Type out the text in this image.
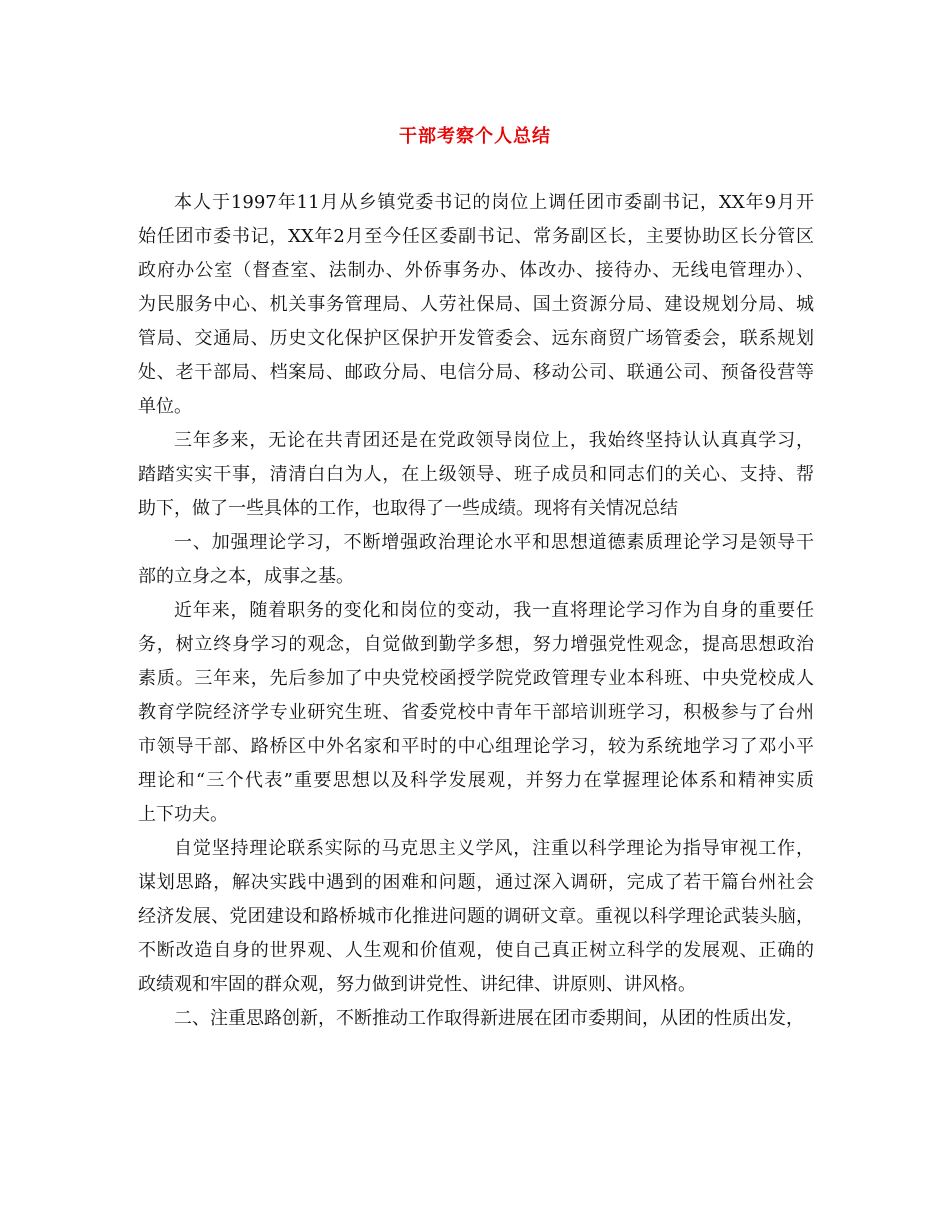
干部考察个人总结
本人于1997年11月从乡镇党委书记的岗位上调任团市委副书记，XX年9月开
始任团市委书记，XX年2月至今任区委副书记、常务副区长，主要协助区长分管区
政府办公室（督查室、法制办、外侨事务办、体改办、接待办、无线电管理办）、
为民服务中心、机关事务管理局、人劳社保局、国土资源分局、建设规划分局、城
管局、交通局、历史文化保护区保护开发管委会、远东商贸广场管委会，联系规划
处、老干部局、档案局、邮政分局、电信分局、移动公司、联通公司、预备役营等
单位。
三年多来，无论在共青团还是在党政领导岗位上，我始终坚持认认真真学习，
踏踏实实干事，清清白白为人，在上级领导、班子成员和同志们的关心、支持、帮
助下，做了一些具体的工作，也取得了一些成绩。现将有关情况总结
一、加强理论学习，不断增强政治理论水平和思想道德素质理论学习是领导干
部的立身之本，成事之基。
近年来，随着职务的变化和岗位的变动，我一直将理论学习作为自身的重要任
务，树立终身学习的观念，自觉做到勤学多想，努力增强党性观念，提高思想政治
素质。三年来，先后参加了中央党校函授学院党政管理专业本科班、中央党校成人
教育学院经济学专业研究生班、省委党校中青年干部培训班学习，积极参与了台州
市领导干部、路桥区中外名家和平时的中心组理论学习，较为系统地学习了邓小平
理论和“三个代表”重要思想以及科学发展观，并努力在掌握理论体系和精神实质
上下功夫。
自觉坚持理论联系实际的马克思主义学风，注重以科学理论为指导审视工作，
谋划思路，解决实践中遇到的困难和问题，通过深入调研，完成了若干篇台州社会
经济发展、党团建设和路桥城市化推进问题的调研文章。重视以科学理论武装头脑，
不断改造自身的世界观、人生观和价值观，使自己真正树立科学的发展观、正确的
政绩观和牢固的群众观，努力做到讲党性、讲纪律、讲原则、讲风格。
二、注重思路创新，不断推动工作取得新进展在团市委期间，从团的性质出发，
